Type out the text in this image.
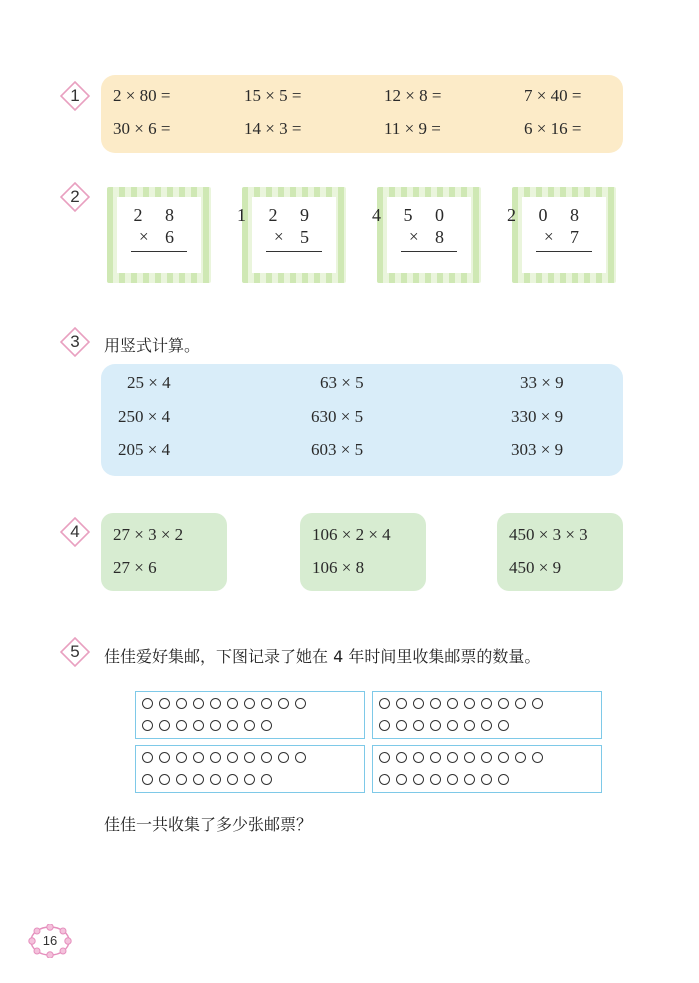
1	2 × 80 =	15 × 5 =	12 × 8 =	7 × 40 =
30 × 6 =	14 × 3 =	11 × 9 =	6 × 16 =
2
2 8
× 6
1 2 9
× 5
4 5 0
× 8
2 0 8
× 7
3	用竖式计算。
25 × 4	63 × 5	33 × 9
250 × 4	630 × 5	330 × 9
205 × 4	603 × 5	303 × 9
4	27 × 3 × 2
27 × 6
106 × 2 × 4
106 × 8
450 × 3 × 3
450 × 9
5	佳佳爱好集邮，下图记录了她在 4 年时间里收集邮票的数量。
佳佳一共收集了多少张邮票？
16
